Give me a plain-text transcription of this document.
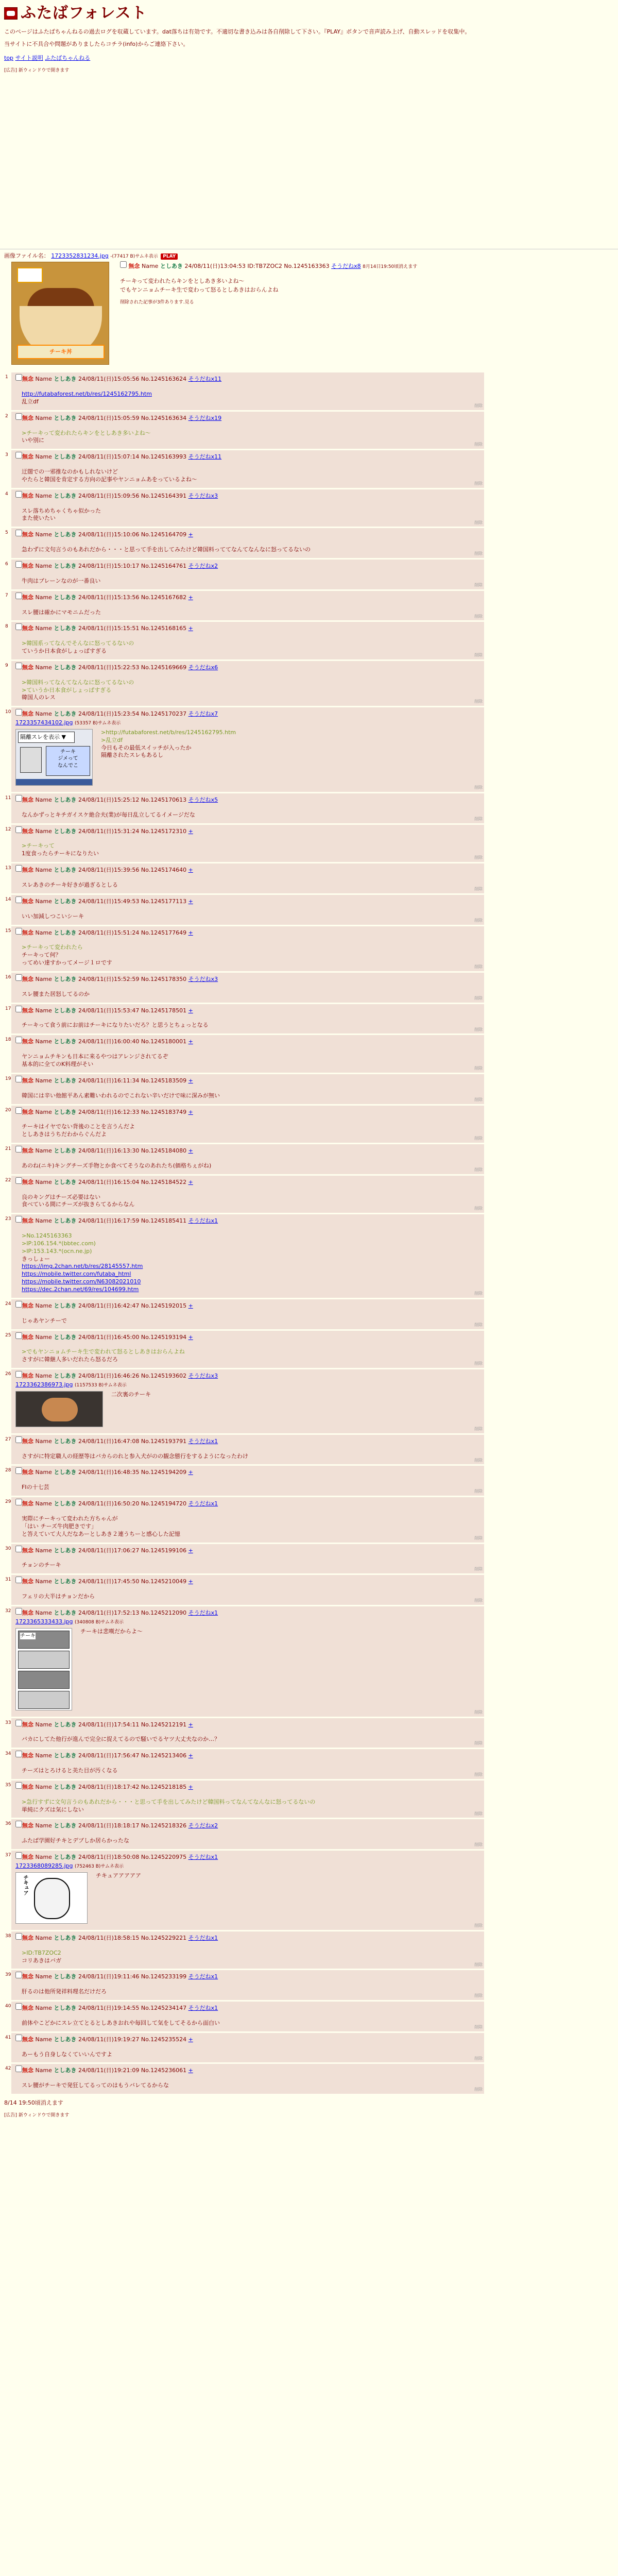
ふたばフォレスト

このページはふたばちゃんねるの過去ログを収蔵しています。dat落ちは有効です。不適切な書き込みは各自削除して下さい。『PLAY』ボタンで音声読み上げ、自動スレッドを収集中。

当サイトに不具合や問題がありましたらコチラ(info)からご連絡下さい。

top サイト説明 ふたばちゃんねる
[広告] 新ウィンドウで開きます
画像ファイル名： 1723352831234.jpg -(77417 B)サムネ表示 PLAY
チーキ丼
無念 Name としあき 24/08/11(日)13:04:53 ID:TB7ZOC2 No.1245163363 そうだねx8 8月14日19:50頃消えます

チーキって変われたらキンをとしあき多いよね～

でもヤンニョムチーキ生で変わって怒るとしあきはおらんよね

削除された記事が3件あります.見る
1	無念 Name としあき 24/08/11(日)15:05:56 No.1245163624 そうだねx11
http://futabaforest.net/b/res/1245162795.htm
乱立df
削除
2	無念 Name としあき 24/08/11(日)15:05:59 No.1245163634 そうだねx19
>チーキって変われたらキンをとしあき多いよね～
いや別に
削除
3	無念 Name としあき 24/08/11(日)15:07:14 No.1245163993 そうだねx11
迂闊での一邪推なのかもしれないけど
やたらと韓国を肯定する方向の記事やヤンニョムあをっているよね～
削除
4	無念 Name としあき 24/08/11(日)15:09:56 No.1245164391 そうだねx3
スレ落ちめちゃくちゃ似かった
また使いたい
削除
5	無念 Name としあき 24/08/11(日)15:10:06 No.1245164709 +
急わずに文句言うのもあれだから・・・と思って手を出してみたけど韓国料っててなんてなんなに怒ってるないの
削除
6	無念 Name としあき 24/08/11(日)15:10:17 No.1245164761 そうだねx2
牛肉はブレーンなのが一番良い
削除
7	無念 Name としあき 24/08/11(日)15:13:56 No.1245167682 +
スレ腰は確かにマモニムだった
削除
8	無念 Name としあき 24/08/11(日)15:15:51 No.1245168165 +
>韓国系ってなんでそんなに怒ってるないの
ていうか日本食がしょっぱすぎる
削除
9	無念 Name としあき 24/08/11(日)15:22:53 No.1245169669 そうだねx6
>韓国料ってなんてなんなに怒ってるないの
>ていうか日本食がしょっぱすぎる
韓国人のレス
削除
10	無念 Name としあき 24/08/11(日)15:23:54 No.1245170237 そうだねx7
1723357434102.jpg (53357 B)サムネ表示
隔離スレを表示 ▼
チーキ
ジメって
なんでこ
>http://futabaforest.net/b/res/1245162795.htm
>乱立df
今日もその最低スイッチが入ったか
隔離されたスレもあるし
削除
11	無念 Name としあき 24/08/11(日)15:25:12 No.1245170613 そうだねx5
なんかずっとキチガイスケ絶合夫(業)が毎日乱立してるイメージだな
削除
12	無念 Name としあき 24/08/11(日)15:31:24 No.1245172310 +
>チーキって
1度食ったらチーキになりたい
削除
13	無念 Name としあき 24/08/11(日)15:39:56 No.1245174640 +
スレあきのチーキ好きが過ぎるとしる
削除
14	無念 Name としあき 24/08/11(日)15:49:53 No.1245177113 +
いい加減しつこいシーキ
削除
15	無念 Name としあき 24/08/11(日)15:51:24 No.1245177649 +
>チーキって変われたら
チーキって何？
ってめい達すかってメージ１ロです
削除
16	無念 Name としあき 24/08/11(日)15:52:59 No.1245178350 そうだねx3
スレ腰また居怒してるのか
削除
17	無念 Name としあき 24/08/11(日)15:53:47 No.1245178501 +
チーキって食う前にお前はチーキになりたいだろ？と思うとちょっとなる
削除
18	無念 Name としあき 24/08/11(日)16:00:40 No.1245180001 +
ヤンニョムチキンも日本に来るやつはアレンジされてるぞ
基本的に全てのK料理がそい
削除
19	無念 Name としあき 24/08/11(日)16:11:34 No.1245183509 +
韓国には辛い他館平あん素難いわれるのでこれない辛いだけで味に深みが無い
削除
20	無念 Name としあき 24/08/11(日)16:12:33 No.1245183749 +
チーキはイヤでない背後のことを言うんだよ
としあきはうちだわからぐんだよ
削除
21	無念 Name としあき 24/08/11(日)16:13:30 No.1245184080 +
あのね(ニキ)キングチーズ手物とか食べてそうなのあれたち(価格ちぇがね)
削除
22	無念 Name としあき 24/08/11(日)16:15:04 No.1245184522 +
良のキングはチーズ必要はない
食べている間にチーズが抜きらてるからなん
削除
23	無念 Name としあき 24/08/11(日)16:17:59 No.1245185411 そうだねx1
>No.1245163363
>IP:106.154.*(bbtec.com)
>IP:153.143.*(ocn.ne.jp)
きっしょー
https://img.2chan.net/b/res/28145557.htm
https://mobile.twitter.com/futaba_html
https://mobile.twitter.com/N63082021010
https://dec.2chan.net/69/res/104699.htm
削除
24	無念 Name としあき 24/08/11(日)16:42:47 No.1245192015 +
じゃあヤンチーで
削除
25	無念 Name としあき 24/08/11(日)16:45:00 No.1245193194 +
>でもヤンニョムチーキ生で変われて怒るとしあきはおらんよね
さすがに韓継人多いだれたら怒るだろ
削除
26	無念 Name としあき 24/08/11(日)16:46:26 No.1245193602 そうだねx3
1723362386973.jpg (1157533 B)サムネ表示
二次裏のチーキ
削除
27	無念 Name としあき 24/08/11(日)16:47:08 No.1245193791 そうだねx1
さすがに特定職人の経歴等はバカらのれと参入犬がのの観念態行をするようになったわけ
削除
28	無念 Name としあき 24/08/11(日)16:48:35 No.1245194209 +
FIの十七芸
削除
29	無念 Name としあき 24/08/11(日)16:50:20 No.1245194720 そうだねx1
実際にチーキって変われた方ちゃんが
「はい チーズ牛肉肥きです」
と答えていて大人だなあーとしあき２連うちーと感心した記憶
削除
30	無念 Name としあき 24/08/11(日)17:06:27 No.1245199106 +
チョンのチーキ
削除
31	無念 Name としあき 24/08/11(日)17:45:50 No.1245210049 +
フェリの大半はチョンだから
削除
32	無念 Name としあき 24/08/11(日)17:52:13 No.1245212090 そうだねx1
1723365333433.jpg (340808 B)サムネ表示
チーキ
チーキは悲嘆だからよ～
削除
33	無念 Name としあき 24/08/11(日)17:54:11 No.1245212191 +
バカにしてた他行が進んで完全に捉えてるので騒いでるヤツ大丈夫なのか…？
削除
34	無念 Name としあき 24/08/11(日)17:56:47 No.1245213406 +
チーズはとろけると美た目が汚くなる
削除
35	無念 Name としあき 24/08/11(日)18:17:42 No.1245218185 +
>急行すずに文句言うのもあれだから・・・と思って手を出してみたけど韓国料ってなんてなんなに怒ってるないの
単純にクズは気にしない
削除
36	無念 Name としあき 24/08/11(日)18:18:17 No.1245218326 そうだねx2
ふたば学園好チキとデブしか居らかったな
削除
37	無念 Name としあき 24/08/11(日)18:50:08 No.1245220975 そうだねx1
1723368089285.jpg (752463 B)サムネ表示
チキュア	チキュアアアアア
削除
38	無念 Name としあき 24/08/11(日)18:58:15 No.1245229221 そうだねx1
>ID:TB7ZOC2
コリあきはバガ
削除
39	無念 Name としあき 24/08/11(日)19:11:46 No.1245233199 そうだねx1
肝るのは他所発祥料理名だけだろ
削除
40	無念 Name としあき 24/08/11(日)19:14:55 No.1245234147 そうだねx1
前体やこどかにスレ立てとるとしあきおれや毎回して気をしてそるから面白い
削除
41	無念 Name としあき 24/08/11(日)19:19:27 No.1245235524 +
あーもう自身しなくていいんですよ
削除
42	無念 Name としあき 24/08/11(日)19:21:09 No.1245236061 +
スレ腰がチーキで発狂してるってのはもうバレてるからな
削除
8/14 19:50頃消えます
[広告] 新ウィンドウで開きます
